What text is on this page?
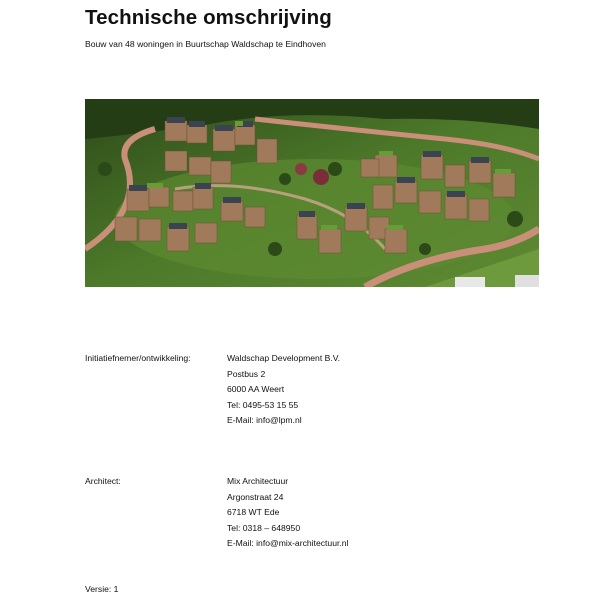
Technische omschrijving
Bouw van 48 woningen in Buurtschap Waldschap te Eindhoven
Initiatiefnemer/ontwikkeling:	Waldschap Development B.V.
Postbus 2
6000 AA Weert
Tel: 0495-53 15 55
E-Mail: info@lpm.nl
Architect:	Mix Architectuur
Argonstraat 24
6718 WT Ede
Tel: 0318 – 648950
E-Mail: info@mix-architectuur.nl
Versie: 1
